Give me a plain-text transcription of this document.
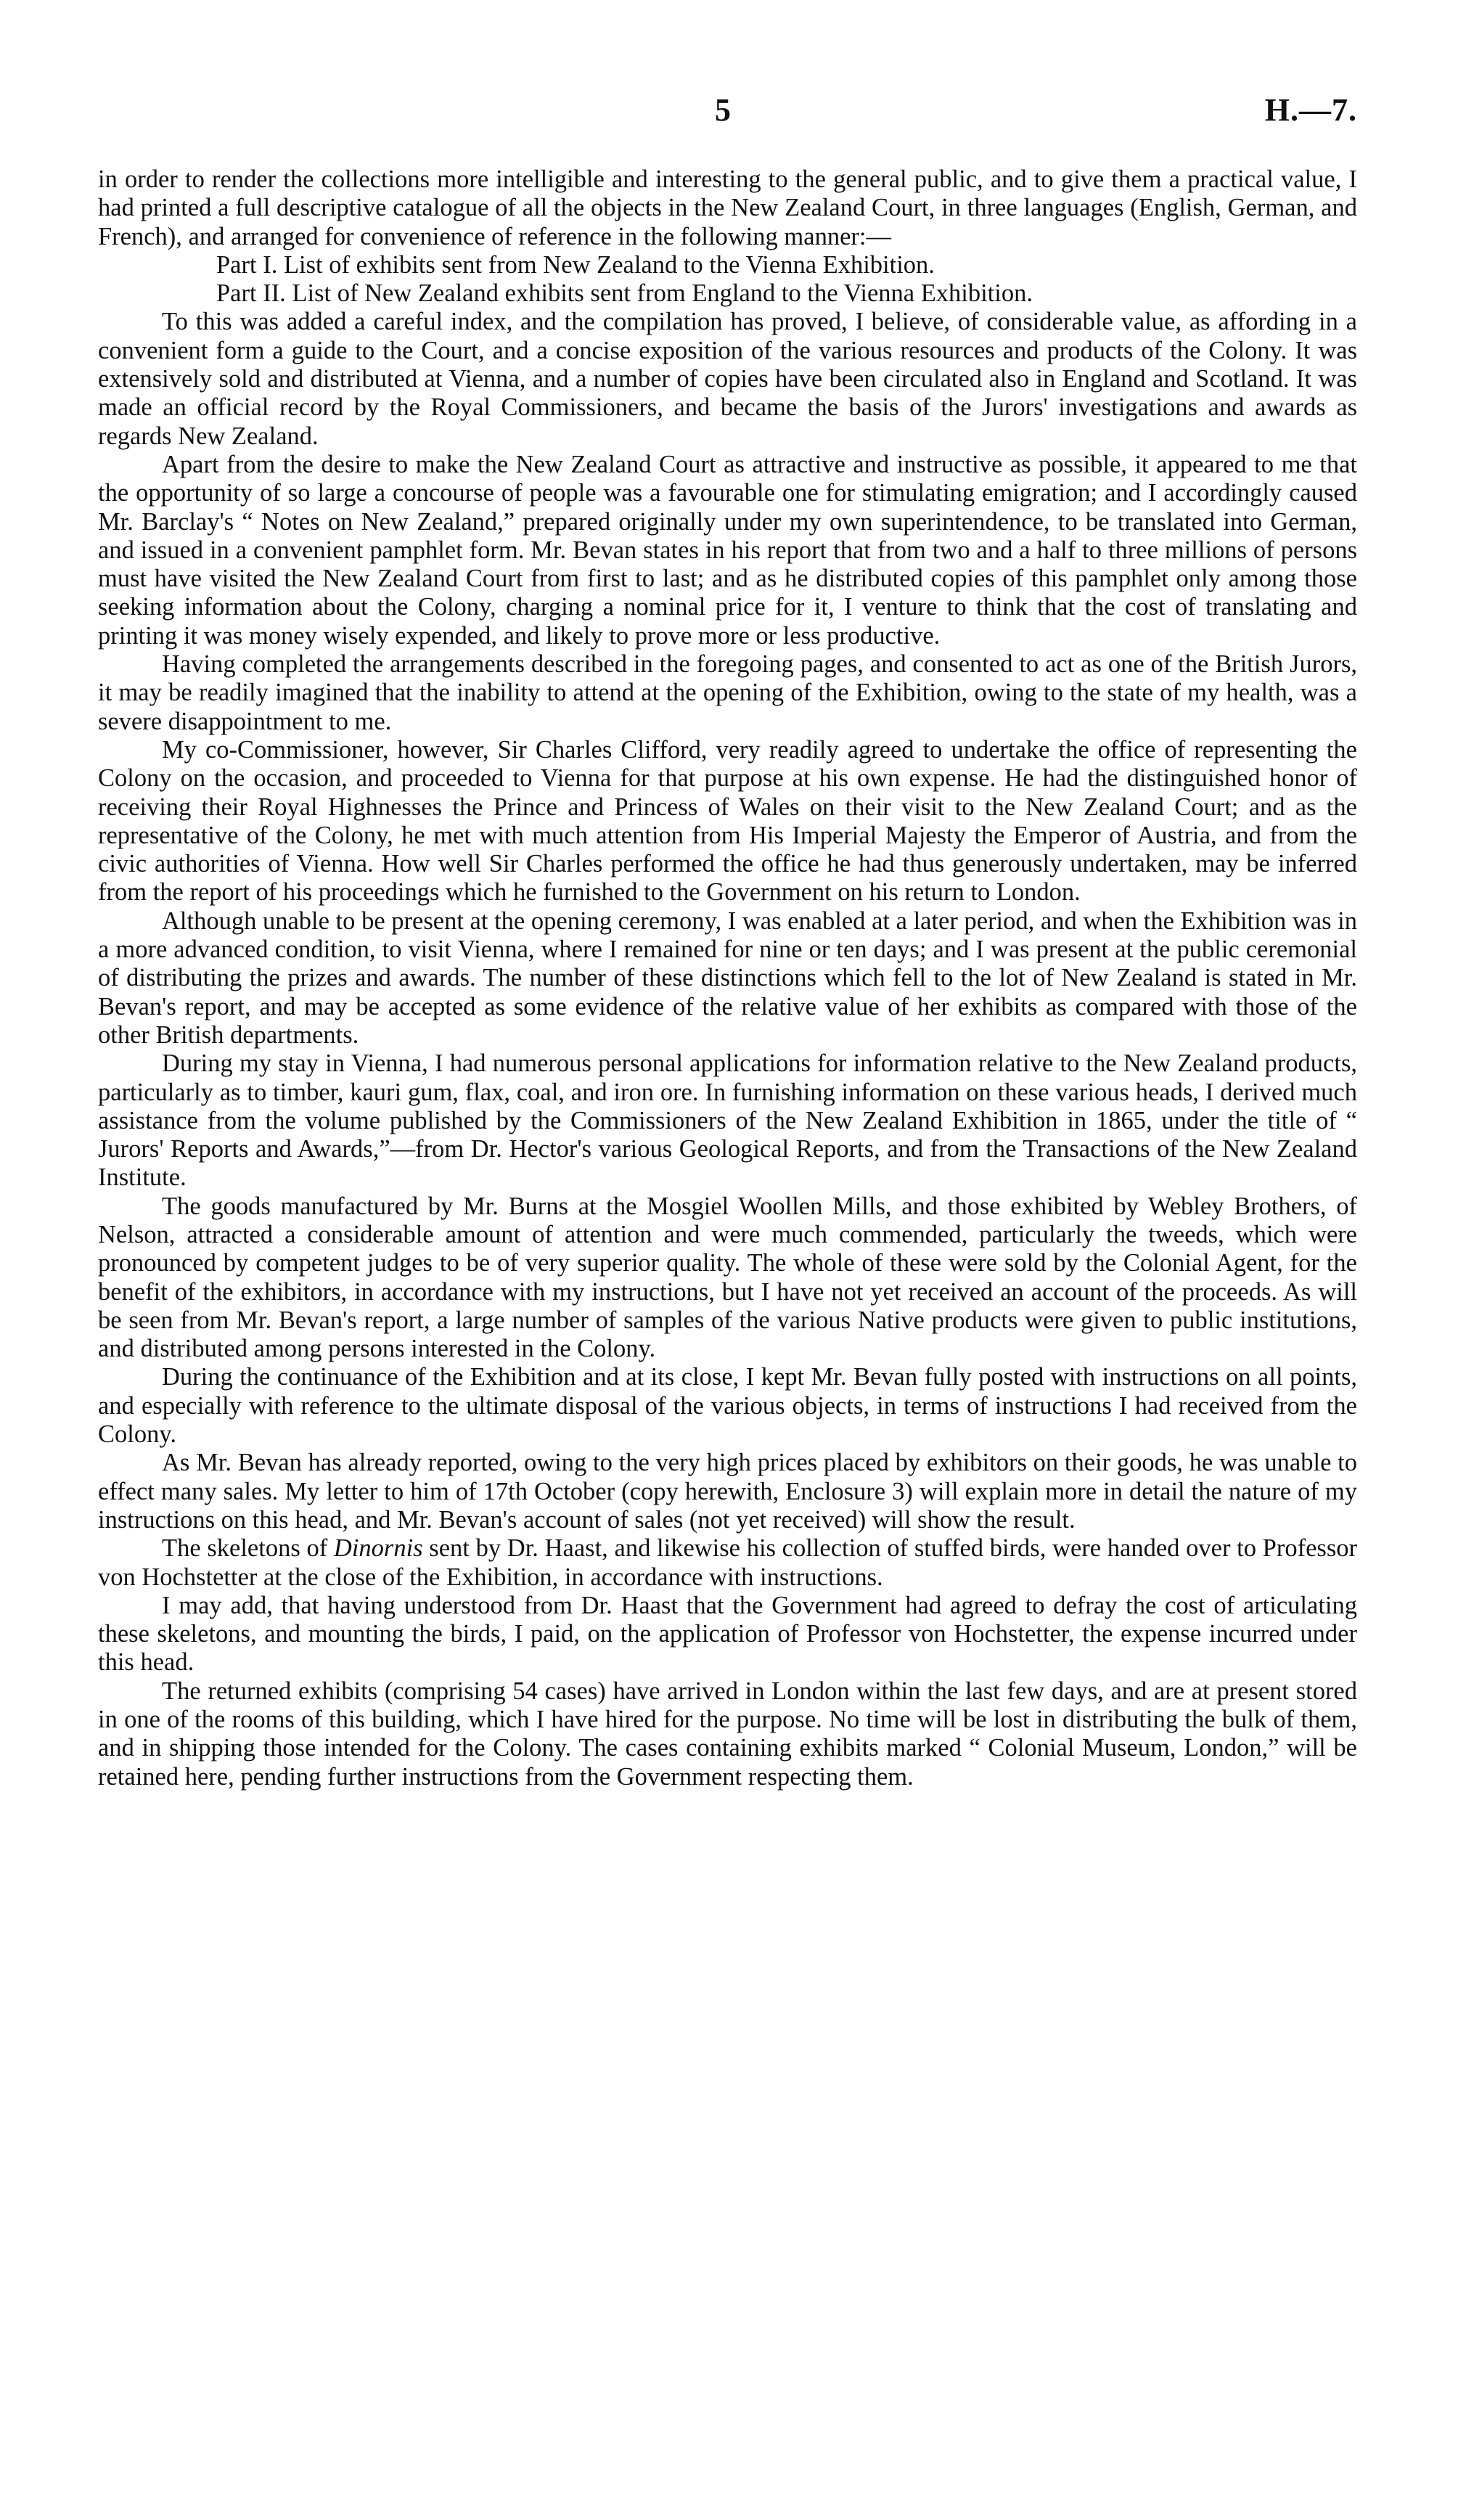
5	H.—7.

in order to render the collections more intelligible and interesting to the general public, and to give them a practical value, I had printed a full descriptive catalogue of all the objects in the New Zealand Court, in three languages (English, German, and French), and arranged for convenience of reference in the following manner:—

Part I. List of exhibits sent from New Zealand to the Vienna Exhibition.

Part II. List of New Zealand exhibits sent from England to the Vienna Exhibition.

To this was added a careful index, and the compilation has proved, I believe, of considerable value, as affording in a convenient form a guide to the Court, and a concise exposition of the various resources and products of the Colony. It was extensively sold and distributed at Vienna, and a number of copies have been circulated also in England and Scotland. It was made an official record by the Royal Commissioners, and became the basis of the Jurors' investigations and awards as regards New Zealand.

Apart from the desire to make the New Zealand Court as attractive and instructive as possible, it appeared to me that the opportunity of so large a concourse of people was a favourable one for stimulating emigration; and I accordingly caused Mr. Barclay's “ Notes on New Zealand,” prepared originally under my own superintendence, to be translated into German, and issued in a convenient pamphlet form. Mr. Bevan states in his report that from two and a half to three millions of persons must have visited the New Zealand Court from first to last; and as he distributed copies of this pamphlet only among those seeking information about the Colony, charging a nominal price for it, I venture to think that the cost of translating and printing it was money wisely expended, and likely to prove more or less productive.

Having completed the arrangements described in the foregoing pages, and consented to act as one of the British Jurors, it may be readily imagined that the inability to attend at the opening of the Exhibition, owing to the state of my health, was a severe disappointment to me.

My co-Commissioner, however, Sir Charles Clifford, very readily agreed to undertake the office of representing the Colony on the occasion, and proceeded to Vienna for that purpose at his own expense. He had the distinguished honor of receiving their Royal Highnesses the Prince and Princess of Wales on their visit to the New Zealand Court; and as the representative of the Colony, he met with much attention from His Imperial Majesty the Emperor of Austria, and from the civic authorities of Vienna. How well Sir Charles performed the office he had thus generously undertaken, may be inferred from the report of his proceedings which he furnished to the Government on his return to London.

Although unable to be present at the opening ceremony, I was enabled at a later period, and when the Exhibition was in a more advanced condition, to visit Vienna, where I remained for nine or ten days; and I was present at the public ceremonial of distributing the prizes and awards. The number of these distinctions which fell to the lot of New Zealand is stated in Mr. Bevan's report, and may be accepted as some evidence of the relative value of her exhibits as compared with those of the other British departments.

During my stay in Vienna, I had numerous personal applications for information relative to the New Zealand products, particularly as to timber, kauri gum, flax, coal, and iron ore. In furnishing information on these various heads, I derived much assistance from the volume published by the Commissioners of the New Zealand Exhibition in 1865, under the title of “ Jurors' Reports and Awards,”—from Dr. Hector's various Geological Reports, and from the Transactions of the New Zealand Institute.

The goods manufactured by Mr. Burns at the Mosgiel Woollen Mills, and those exhibited by Webley Brothers, of Nelson, attracted a considerable amount of attention and were much commended, particularly the tweeds, which were pronounced by competent judges to be of very superior quality. The whole of these were sold by the Colonial Agent, for the benefit of the exhibitors, in accordance with my instructions, but I have not yet received an account of the proceeds. As will be seen from Mr. Bevan's report, a large number of samples of the various Native products were given to public institutions, and distributed among persons interested in the Colony.

During the continuance of the Exhibition and at its close, I kept Mr. Bevan fully posted with instructions on all points, and especially with reference to the ultimate disposal of the various objects, in terms of instructions I had received from the Colony.

As Mr. Bevan has already reported, owing to the very high prices placed by exhibitors on their goods, he was unable to effect many sales. My letter to him of 17th October (copy herewith, Enclosure 3) will explain more in detail the nature of my instructions on this head, and Mr. Bevan's account of sales (not yet received) will show the result.

The skeletons of Dinornis sent by Dr. Haast, and likewise his collection of stuffed birds, were handed over to Professor von Hochstetter at the close of the Exhibition, in accordance with instructions.

I may add, that having understood from Dr. Haast that the Government had agreed to defray the cost of articulating these skeletons, and mounting the birds, I paid, on the application of Professor von Hochstetter, the expense incurred under this head.

The returned exhibits (comprising 54 cases) have arrived in London within the last few days, and are at present stored in one of the rooms of this building, which I have hired for the purpose. No time will be lost in distributing the bulk of them, and in shipping those intended for the Colony. The cases containing exhibits marked “ Colonial Museum, London,” will be retained here, pending further instructions from the Government respecting them.
